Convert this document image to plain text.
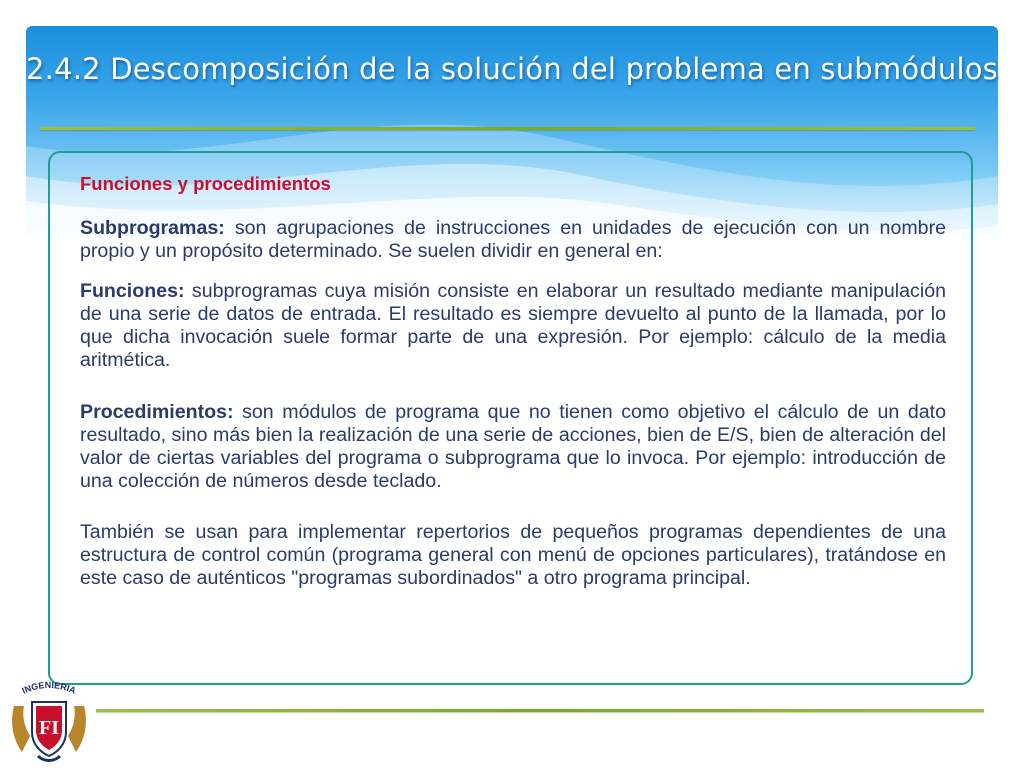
2.4.2 Descomposición de la solución del problema en submódulos

Funciones y procedimientos

Subprogramas: son agrupaciones de instrucciones en unidades de ejecución con un nombre propio y un propósito determinado. Se suelen dividir en general en:

Funciones: subprogramas cuya misión consiste en elaborar un resultado mediante manipulación de una serie de datos de entrada. El resultado es siempre devuelto al punto de la llamada, por lo que dicha invocación suele formar parte de una expresión. Por ejemplo: cálculo de la media aritmética.

Procedimientos: son módulos de programa que no tienen como objetivo el cálculo de un dato resultado, sino más bien la realización de una serie de acciones, bien de E/S, bien de alteración del valor de ciertas variables del programa o subprograma que lo invoca. Por ejemplo: introducción de una colección de números desde teclado.

También se usan para implementar repertorios de pequeños programas dependientes de una estructura de control común (programa general con menú de opciones particulares), tratándose en este caso de auténticos "programas subordinados" a otro programa principal.

INGENIERIA
FI
